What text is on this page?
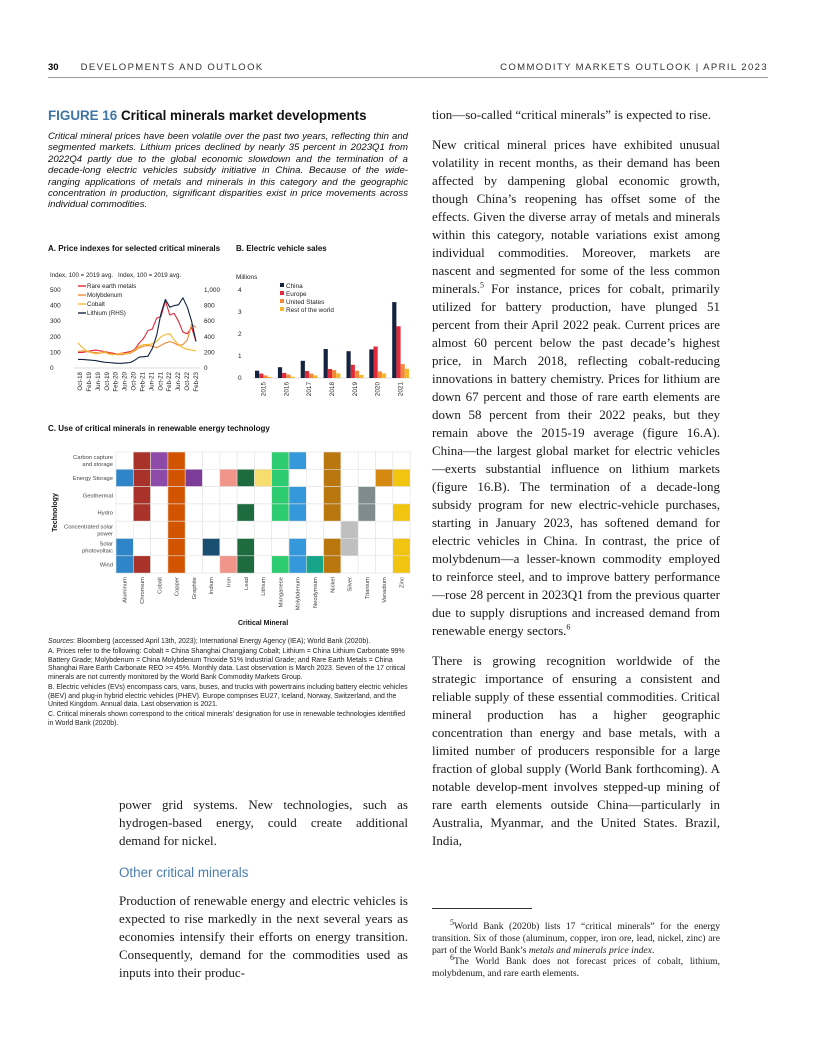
30 DEVELOPMENTS AND OUTLOOK	COMMODITY MARKETS OUTLOOK | APRIL 2023
FIGURE 16 Critical minerals market developments
Critical mineral prices have been volatile over the past two years, reflecting thin and segmented markets. Lithium prices declined by nearly 35 percent in 2023Q1 from 2022Q4 partly due to the global economic slowdown and the termination of a decade-long electric vehicles subsidy initiative in China. Because of the wide-ranging applications of metals and minerals in this category and the geographic concentration in production, significant disparities exist in price movements across individual commodities.
A. Price indexes for selected critical minerals
Index, 100 = 2019 avg. Index, 100 = 2019 avg.
0
100
200
300
400
500
0
200
400
600
800
1,000
Rare earth metals
Molybdenum
Cobalt
Lithium (RHS)
Oct-18 Feb-19 Jun-19 Oct-19 Feb-20 Jun-20 Oct-20 Feb-21 Jun-21 Oct-21 Feb-22 Jun-22 Oct-22 Feb-23
B. Electric vehicle sales
Millions
0
1
2
3
4
2015 2016 2017 2018 2019 2020 2021
China
Europe
United States
Rest of the world
C. Use of critical minerals in renewable energy technology
Technology
Carbon capture
and storage
Energy Storage
Geothermal
Hydro
Concentrated solar
power
Solar
photovoltaic
Wind
Aluminum Chromium Cobalt Copper Graphite Indium Iron Lead Lithium Manganese Molybdenum Neodymium Nickel Silver Titanium Vanadium Zinc
Critical Mineral

Sources: Bloomberg (accessed April 13th, 2023); International Energy Agency (IEA); World Bank (2020b).

A. Prices refer to the following: Cobalt = China Shanghai Changjiang Cobalt; Lithium = China Lithium Carbonate 99% Battery Grade; Molybdenum = China Molybdenum Trioxide 51% Industrial Grade; and Rare Earth Metals = China Shanghai Rare Earth Carbonate REO >= 45%. Monthly data. Last observation is March 2023. Seven of the 17 critical minerals are not currently monitored by the World Bank Commodity Markets Group.

B. Electric vehicles (EVs) encompass cars, vans, buses, and trucks with powertrains including battery electric vehicles (BEV) and plug-in hybrid electric vehicles (PHEV). Europe comprises EU27, Iceland, Norway, Switzerland, and the United Kingdom. Annual data. Last observation is 2021.

C. Critical minerals shown correspond to the critical minerals' designation for use in renewable technologies identified in World Bank (2020b).

power grid systems. New technologies, such as hydrogen-based energy, could create additional demand for nickel.

Other critical minerals

Production of renewable energy and electric vehicles is expected to rise markedly in the next several years as economies intensify their efforts on energy transition. Consequently, demand for the commodities used as inputs into their produc-

tion—so-called “critical minerals” is expected to rise.

New critical mineral prices have exhibited unusual volatility in recent months, as their demand has been affected by dampening global economic growth, though China’s reopening has offset some of the effects. Given the diverse array of metals and minerals within this category, notable variations exist among individual commodities. Moreover, markets are nascent and segmented for some of the less common minerals.$^5$ For instance, prices for cobalt, primarily utilized for battery production, have plunged 51 percent from their April 2022 peak. Current prices are almost 60 percent below the past decade’s highest price, in March 2018, reflecting cobalt-reducing innovations in battery chemistry. Prices for lithium are down 67 percent and those of rare earth elements are down 58 percent from their 2022 peaks, but they remain above the 2015-19 average (figure 16.A). China—the largest global market for electric vehicles—exerts substantial influence on lithium markets (figure 16.B). The termination of a decade-long subsidy program for new electric-vehicle purchases, starting in January 2023, has softened demand for electric vehicles in China. In contrast, the price of molybdenum—a lesser-known commodity employed to reinforce steel, and to improve battery performance—rose 28 percent in 2023Q1 from the previous quarter due to supply disruptions and increased demand from renewable energy sectors.$^6$

There is growing recognition worldwide of the strategic importance of ensuring a consistent and reliable supply of these essential commodities. Critical mineral production has a higher geographic concentration than energy and base metals, with a limited number of producers responsible for a large fraction of global supply (World Bank forthcoming). A notable develop-ment involves stepped-up mining of rare earth elements outside China—particularly in Australia, Myanmar, and the United States. Brazil, India,

$^5$World Bank (2020b) lists 17 “critical minerals” for the energy transition. Six of those (aluminum, copper, iron ore, lead, nickel, zinc) are part of the World Bank’s metals and minerals price index.

$^6$The World Bank does not forecast prices of cobalt, lithium, molybdenum, and rare earth elements.
